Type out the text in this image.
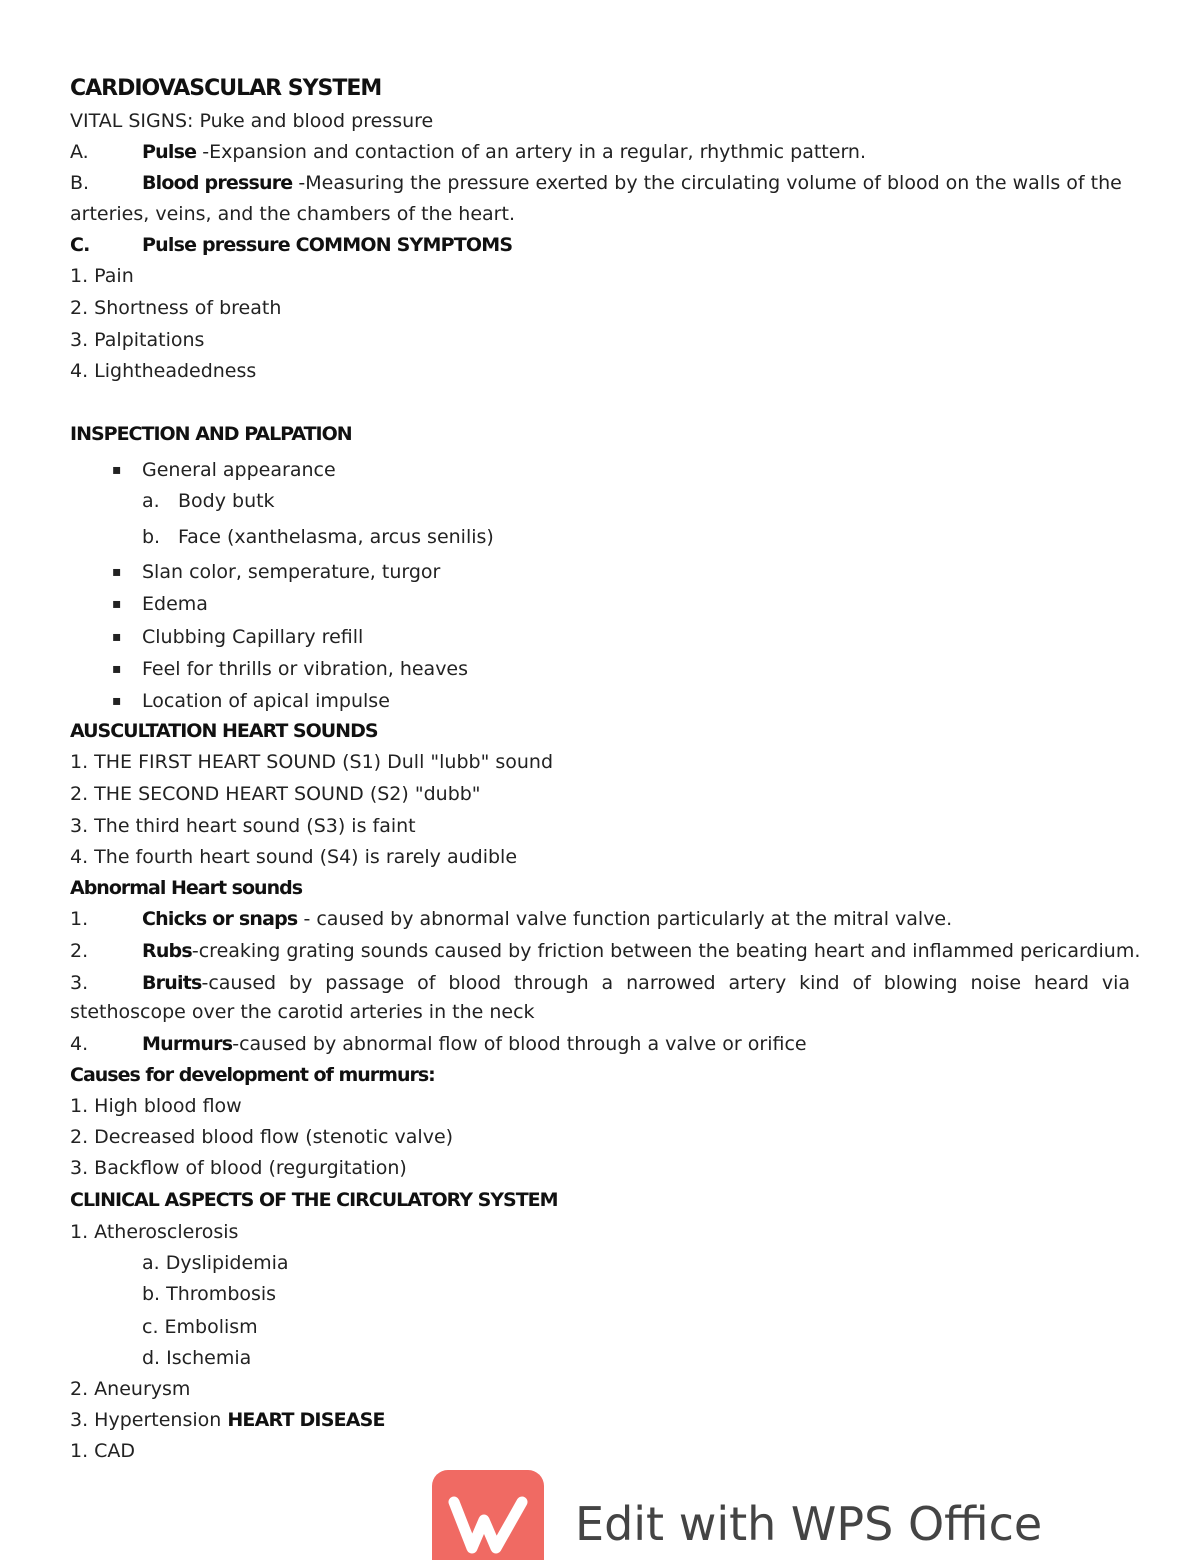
CARDIOVASCULAR SYSTEM
VITAL SIGNS: Puke and blood pressure
A.	Pulse -Expansion and contaction of an artery in a regular, rhythmic pattern.
B.	Blood pressure -Measuring the pressure exerted by the circulating volume of blood on the walls of the
arteries, veins, and the chambers of the heart.
C.	Pulse pressure COMMON SYMPTOMS
1. Pain
2. Shortness of breath
3. Palpitations
4. Lightheadedness
INSPECTION AND PALPATION
▪ General appearance
a. Body butk
b. Face (xanthelasma, arcus senilis)
▪ Slan color, semperature, turgor
▪ Edema
▪ Clubbing Capillary refill
▪ Feel for thrills or vibration, heaves
▪ Location of apical impulse
AUSCULTATION HEART SOUNDS
1. THE FIRST HEART SOUND (S1) Dull "lubb" sound
2. THE SECOND HEART SOUND (S2) "dubb"
3. The third heart sound (S3) is faint
4. The fourth heart sound (S4) is rarely audible
Abnormal Heart sounds
1.	Chicks or snaps - caused by abnormal valve function particularly at the mitral valve.
2.	Rubs-creaking grating sounds caused by friction between the beating heart and inflammed pericardium.
3.	Bruits-caused by passage of blood through a narrowed artery kind of blowing noise heard via
stethoscope over the carotid arteries in the neck
4.	Murmurs-caused by abnormal flow of blood through a valve or orifice
Causes for development of murmurs:
1. High blood flow
2. Decreased blood flow (stenotic valve)
3. Backflow of blood (regurgitation)
CLINICAL ASPECTS OF THE CIRCULATORY SYSTEM
1. Atherosclerosis
a. Dyslipidemia
b. Thrombosis
c. Embolism
d. Ischemia
2. Aneurysm
3. Hypertension HEART DISEASE
1. CAD
Edit with WPS Office
